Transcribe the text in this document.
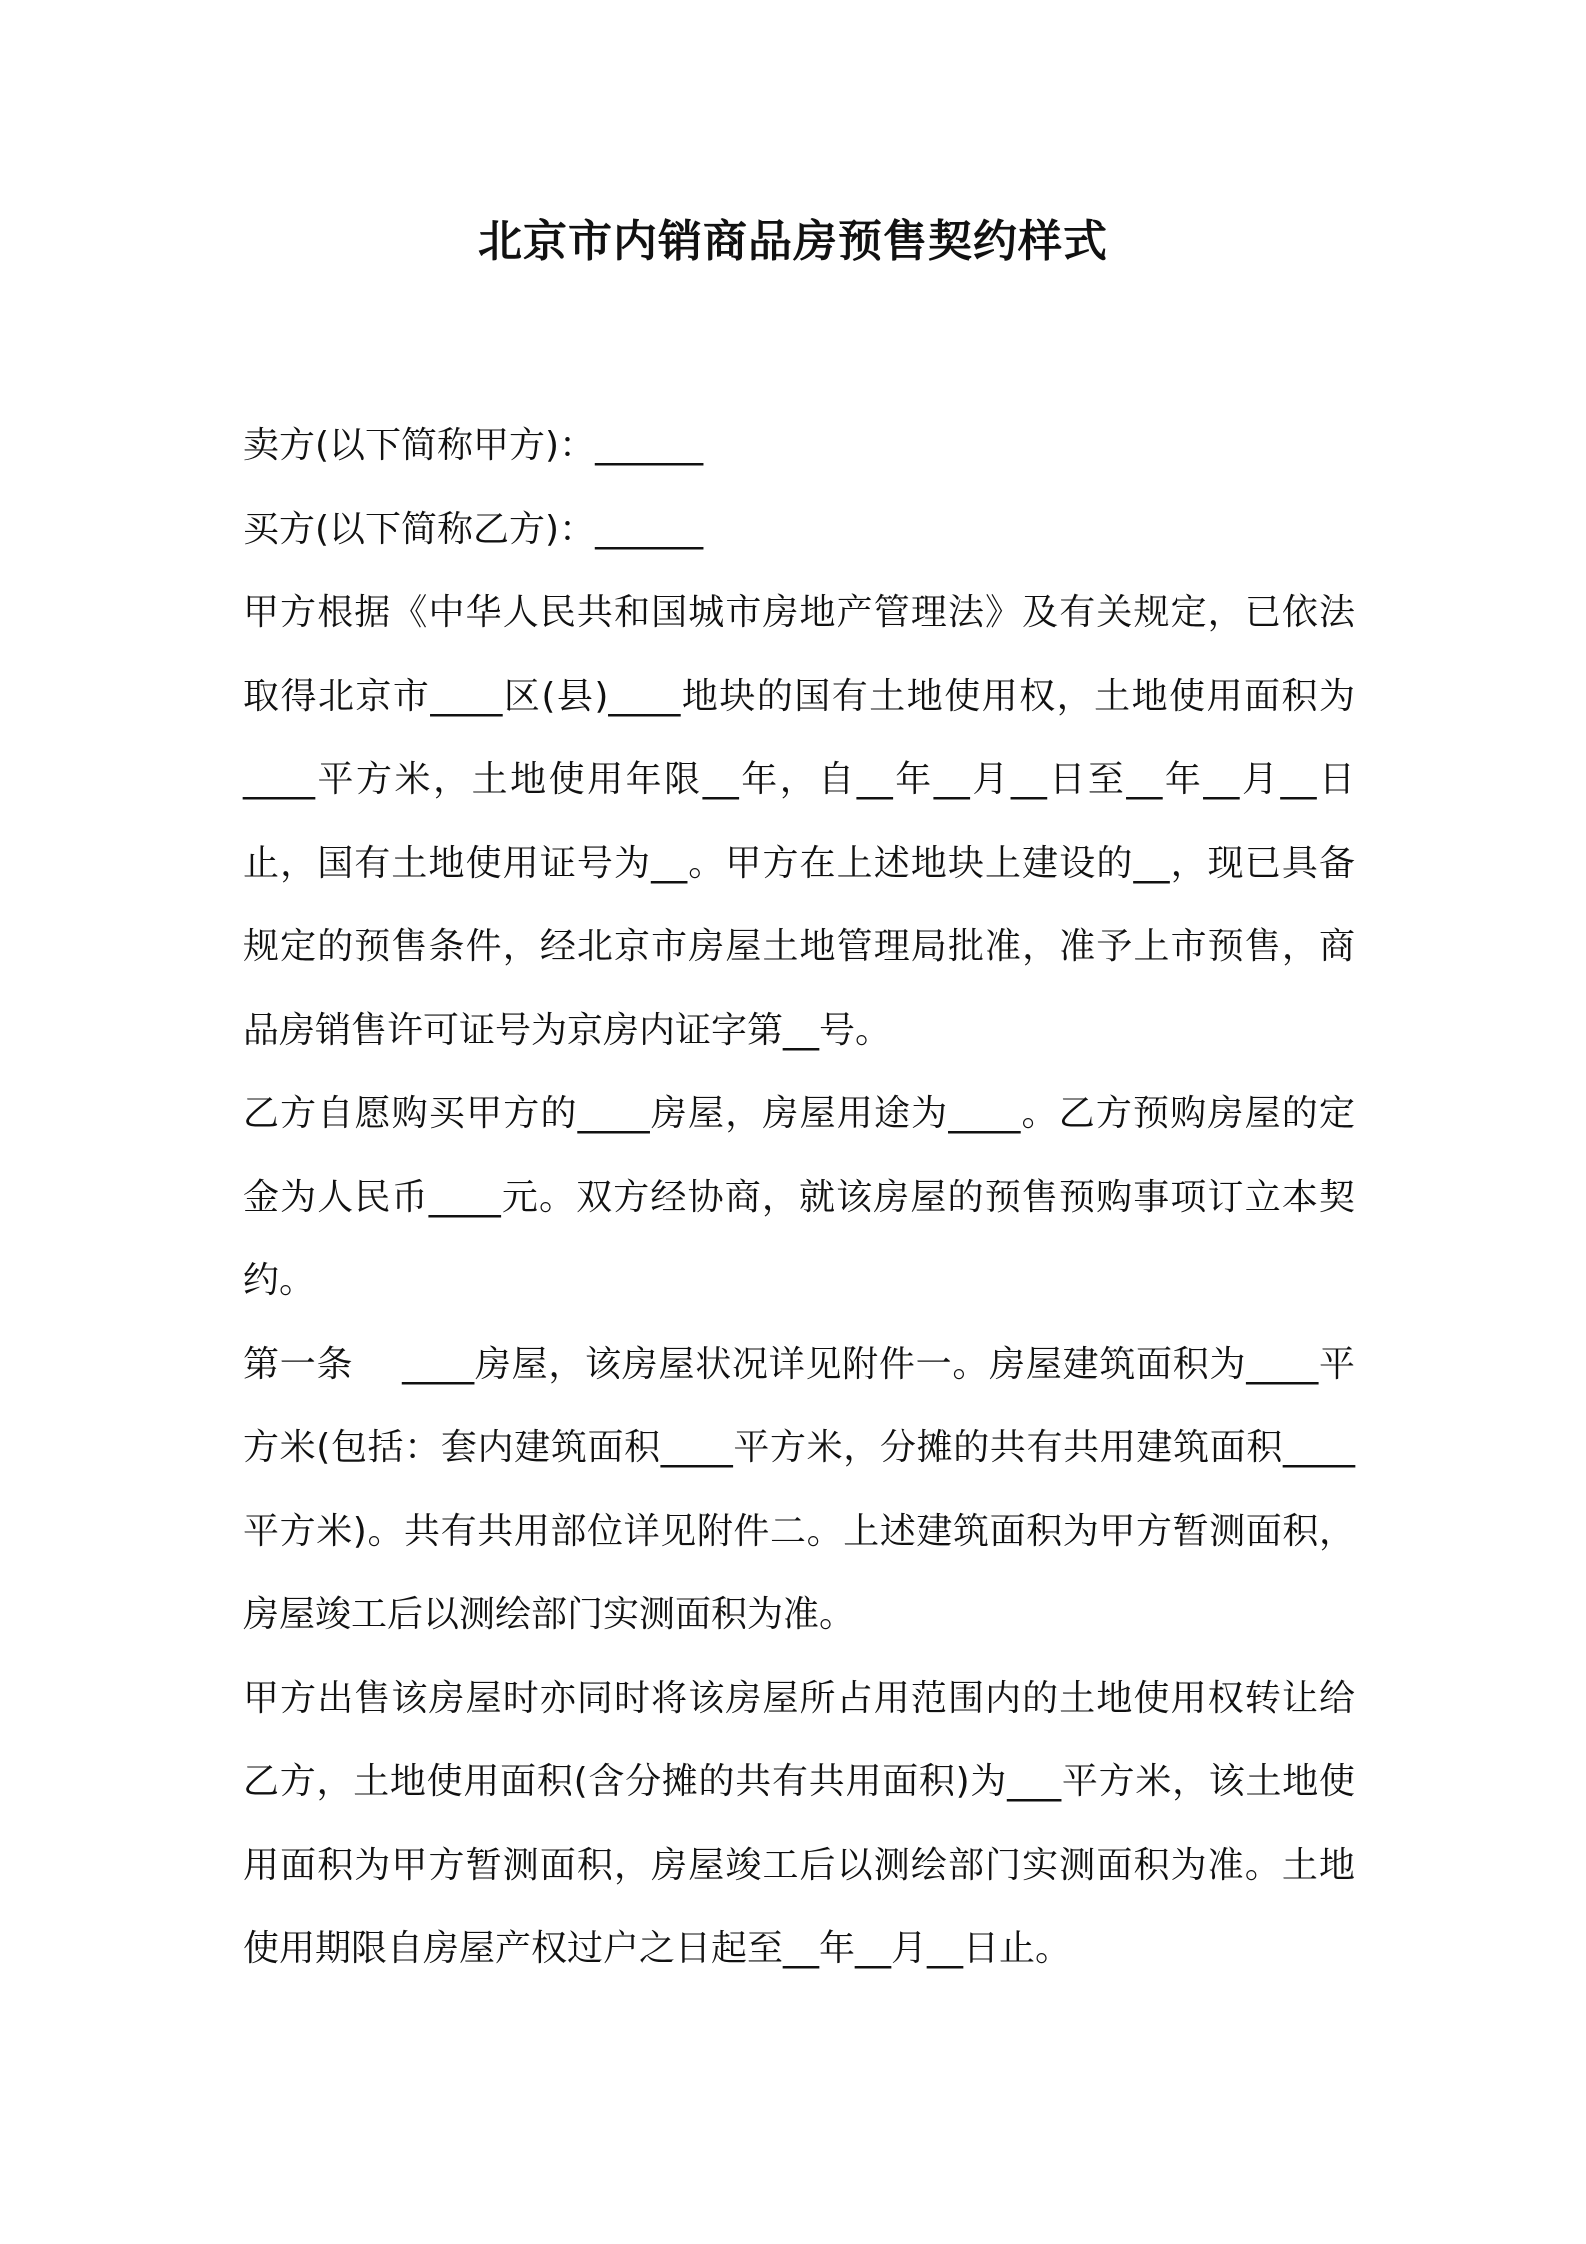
北京市内销商品房预售契约样式

卖方(以下简称甲方)：______

买方(以下简称乙方)：______

甲方根据《中华人民共和国城市房地产管理法》及有关规定，已依法取得北京市____区(县)____地块的国有土地使用权，土地使用面积为____平方米，土地使用年限__年，自__年__月__日至__年__月__日止，国有土地使用证号为__。甲方在上述地块上建设的__，现已具备规定的预售条件，经北京市房屋土地管理局批准，准予上市预售，商品房销售许可证号为京房内证字第__号。

乙方自愿购买甲方的____房屋，房屋用途为____。乙方预购房屋的定金为人民币____元。双方经协商，就该房屋的预售预购事项订立本契约。

第一条　 ____房屋，该房屋状况详见附件一。房屋建筑面积为____平方米(包括：套内建筑面积____平方米，分摊的共有共用建筑面积____平方米)。共有共用部位详见附件二。上述建筑面积为甲方暂测面积，房屋竣工后以测绘部门实测面积为准。

甲方出售该房屋时亦同时将该房屋所占用范围内的土地使用权转让给乙方，土地使用面积(含分摊的共有共用面积)为___平方米，该土地使用面积为甲方暂测面积，房屋竣工后以测绘部门实测面积为准。土地使用期限自房屋产权过户之日起至__年__月__日止。
